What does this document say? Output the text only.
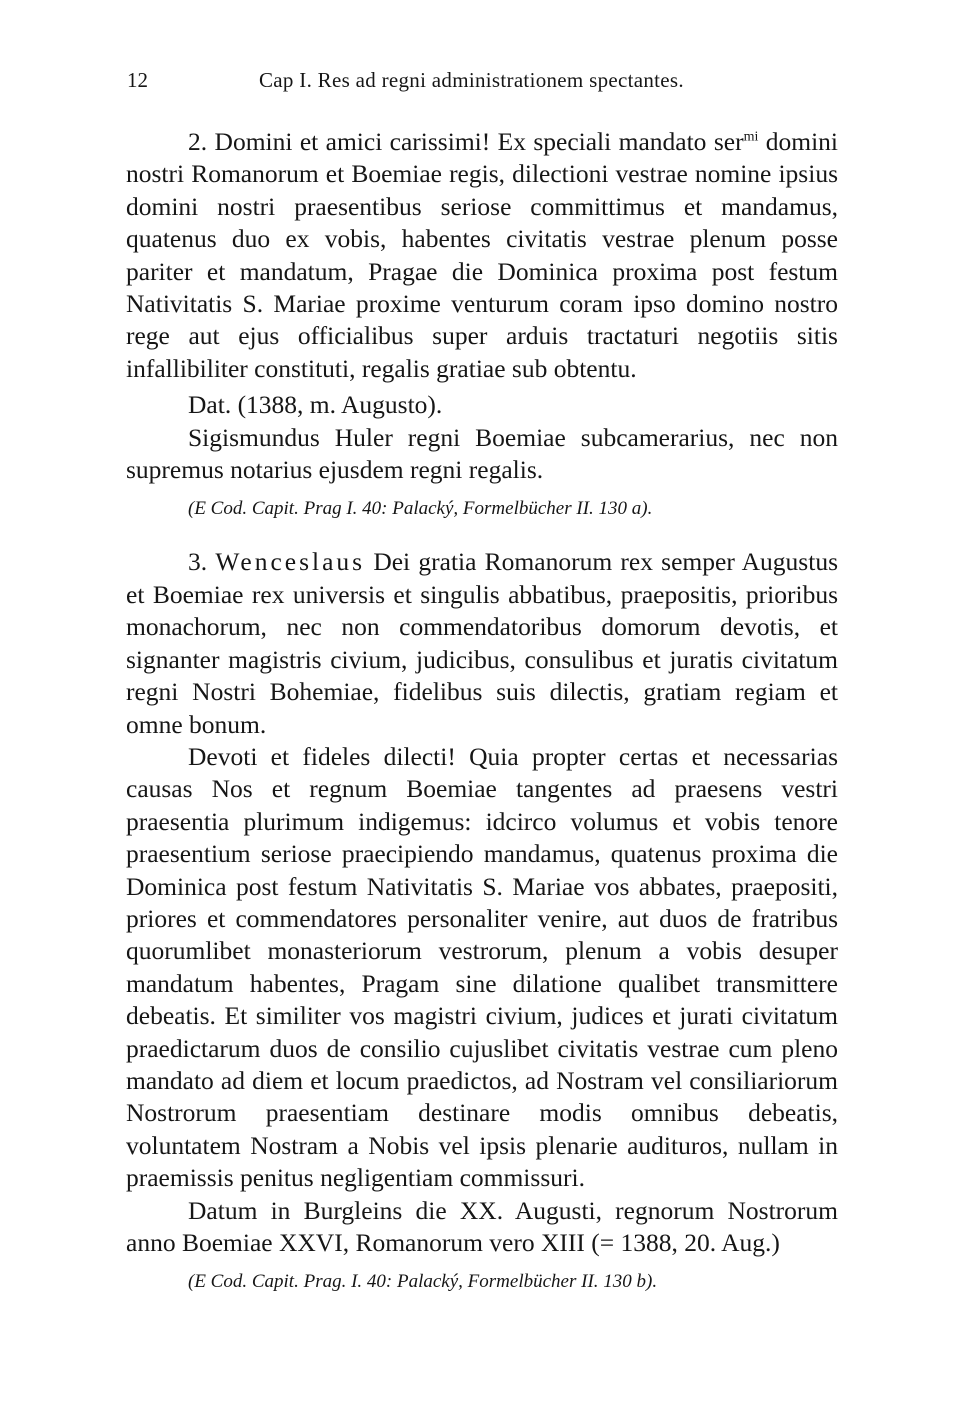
12	Cap I. Res ad regni administrationem spectantes.

2. Domini et amici carissimi! Ex speciali mandato ser$^{mi}$ domini nostri Romanorum et Boemiae regis, dilectioni vestrae nomine ipsius domini nostri praesentibus seriose committimus et mandamus, quatenus duo ex vobis, habentes civitatis vestrae plenum posse pariter et mandatum, Pragae die Dominica proxima post festum Nativitatis S. Mariae proxime venturum coram ipso domino nostro rege aut ejus officialibus super arduis tractaturi negotiis sitis infallibiliter constituti, regalis gratiae sub obtentu.

Dat. (1388, m. Augusto).

Sigismundus Huler regni Boemiae subcamerarius, nec non supremus notarius ejusdem regni regalis.

(E Cod. Capit. Prag I. 40: Palacký, Formelbücher II. 130 a).

3. Wenceslaus Dei gratia Romanorum rex semper Augustus et Boemiae rex universis et singulis abbatibus, praepositis, prioribus monachorum, nec non commendatoribus domorum devotis, et signanter magistris civium, judicibus, consulibus et juratis civitatum regni Nostri Bohemiae, fidelibus suis dilectis, gratiam regiam et omne bonum.

Devoti et fideles dilecti! Quia propter certas et necessarias causas Nos et regnum Boemiae tangentes ad praesens vestri praesentia plurimum indigemus: idcirco volumus et vobis tenore praesentium seriose praecipiendo mandamus, quatenus proxima die Dominica post festum Nativitatis S. Mariae vos abbates, praepositi, priores et commendatores personaliter venire, aut duos de fratribus quorumlibet monasteriorum vestrorum, plenum a vobis desuper mandatum habentes, Pragam sine dilatione qualibet transmittere debeatis. Et similiter vos magistri civium, judices et jurati civitatum praedictarum duos de consilio cujuslibet civitatis vestrae cum pleno mandato ad diem et locum praedictos, ad Nostram vel consiliariorum Nostrorum praesentiam destinare modis omnibus debeatis, voluntatem Nostram a Nobis vel ipsis plenarie audituros, nullam in praemissis penitus negligentiam commissuri.

Datum in Burgleins die XX. Augusti, regnorum Nostrorum anno Boemiae XXVI, Romanorum vero XIII (= 1388, 20. Aug.)

(E Cod. Capit. Prag. I. 40: Palacký, Formelbücher II. 130 b).
